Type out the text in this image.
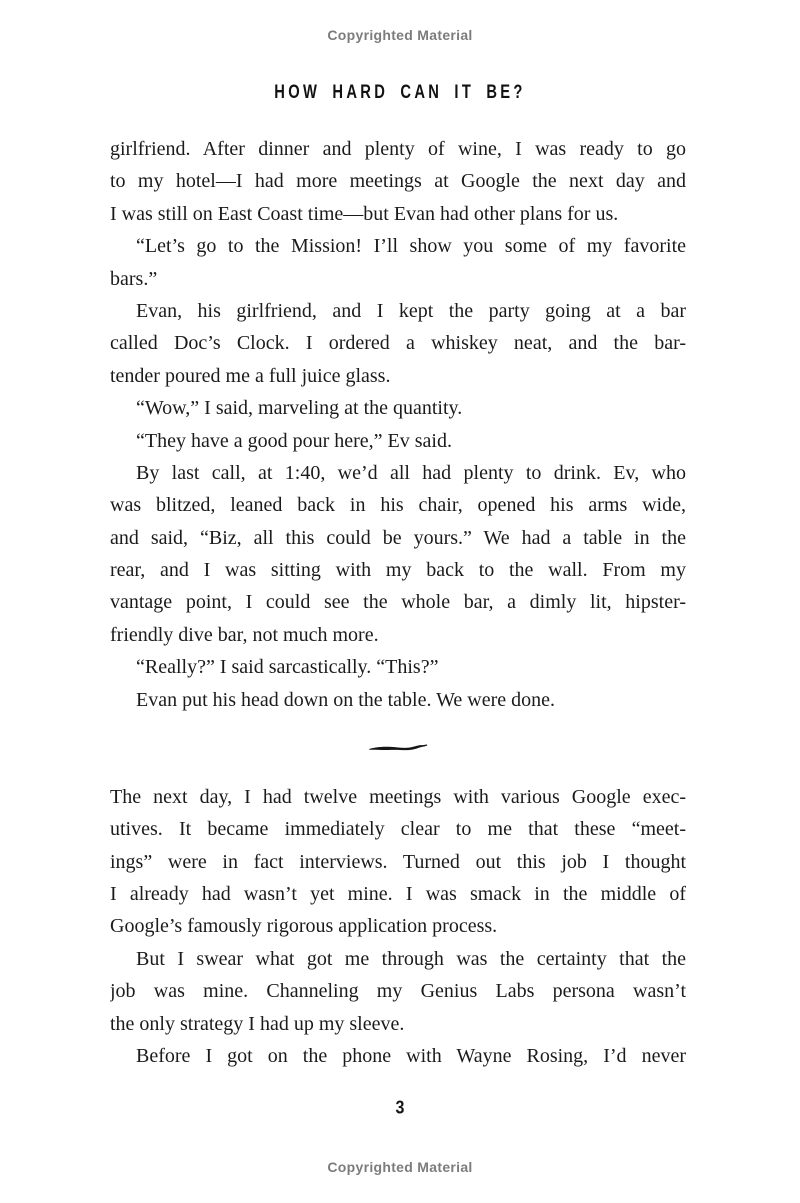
Copyrighted Material
HOW HARD CAN IT BE?
girlfriend. After dinner and plenty of wine, I was ready to go
to my hotel—I had more meetings at Google the next day and
I was still on East Coast time—but Evan had other plans for us.
“Let’s go to the Mission! I’ll show you some of my favorite
bars.”
Evan, his girlfriend, and I kept the party going at a bar
called Doc’s Clock. I ordered a whiskey neat, and the bar-
tender poured me a full juice glass.
“Wow,” I said, marveling at the quantity.
“They have a good pour here,” Ev said.
By last call, at 1:40, we’d all had plenty to drink. Ev, who
was blitzed, leaned back in his chair, opened his arms wide,
and said, “Biz, all this could be yours.” We had a table in the
rear, and I was sitting with my back to the wall. From my
vantage point, I could see the whole bar, a dimly lit, hipster-
friendly dive bar, not much more.
“Really?” I said sarcastically. “This?”
Evan put his head down on the table. We were done.
The next day, I had twelve meetings with various Google exec-
utives. It became immediately clear to me that these “meet-
ings” were in fact interviews. Turned out this job I thought
I already had wasn’t yet mine. I was smack in the middle of
Google’s famously rigorous application process.
But I swear what got me through was the certainty that the
job was mine. Channeling my Genius Labs persona wasn’t
the only strategy I had up my sleeve.
Before I got on the phone with Wayne Rosing, I’d never
3
Copyrighted Material
